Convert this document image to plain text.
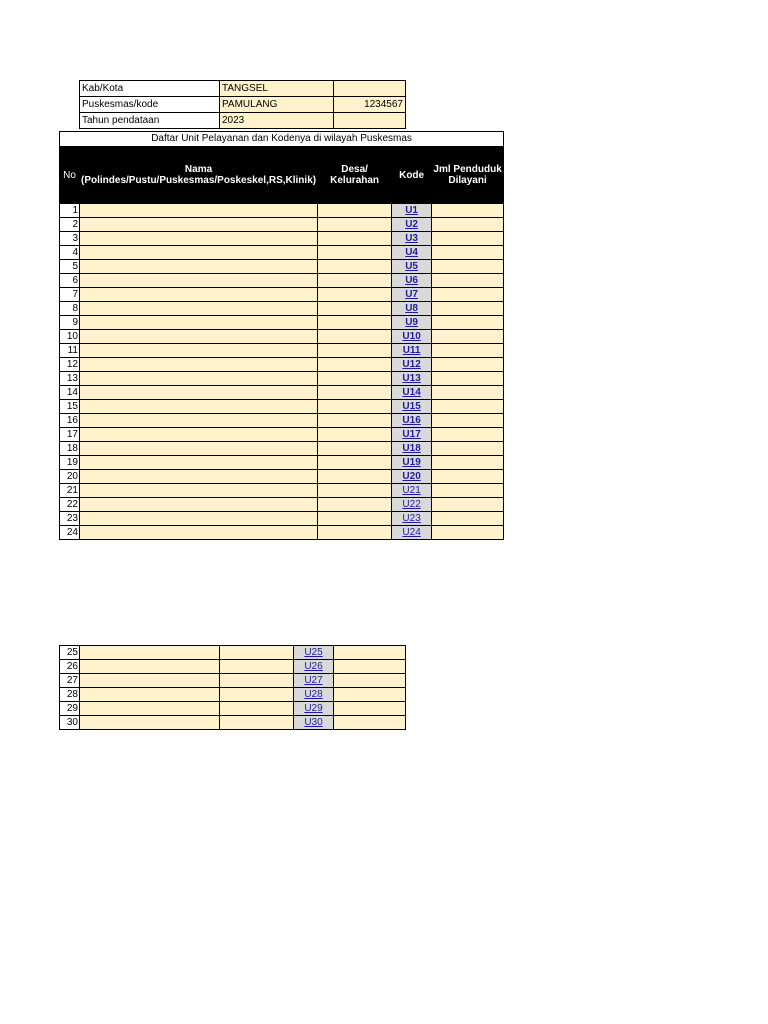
Kab/Kota	TANGSEL	
Puskesmas/kode	PAMULANG	1234567
Tahun pendataan	2023	
Daftar Unit Pelayanan dan Kodenya di wilayah Puskesmas				
No	Nama (Polindes/Pustu/Puskesmas/Poskeskel,RS,Klinik)	Desa/ Kelurahan	Kode	Jml Penduduk Dilayani
1			U1	
2			U2	
3			U3	
4			U4	
5			U5	
6			U6	
7			U7	
8			U8	
9			U9	
10			U10	
11			U11	
12			U12	
13			U13	
14			U14	
15			U15	
16			U16	
17			U17	
18			U18	
19			U19	
20			U20	
21			U21	
22			U22	
23			U23	
24			U24	
25			U25	
26			U26	
27			U27	
28			U28	
29			U29	
30			U30	
